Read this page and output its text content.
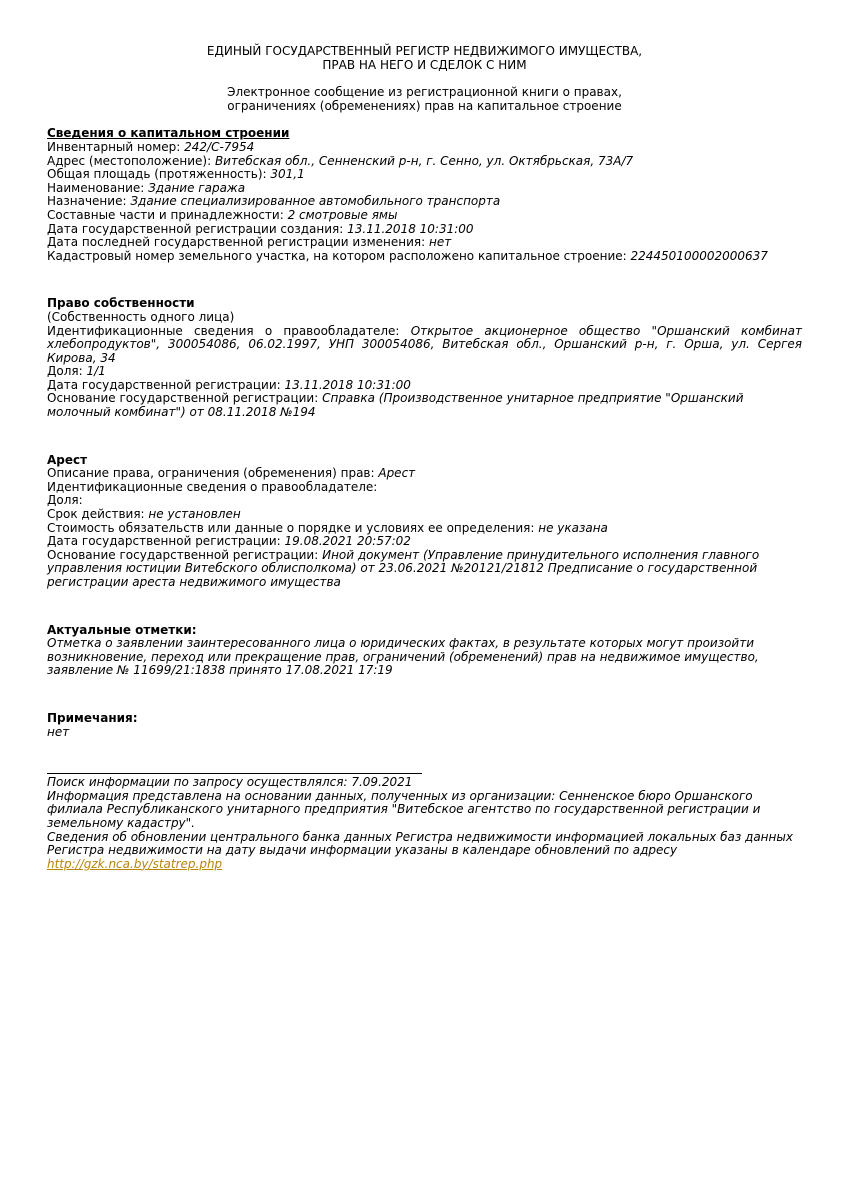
ЕДИНЫЙ ГОСУДАРСТВЕННЫЙ РЕГИСТР НЕДВИЖИМОГО ИМУЩЕСТВА,
ПРАВ НА НЕГО И СДЕЛОК С НИМ
Электронное сообщение из регистрационной книги о правах,
ограничениях (обременениях) прав на капитальное строение
Сведения о капитальном строении
Инвентарный номер: 242/С-7954
Адрес (местоположение): Витебская обл., Сенненский р-н, г. Сенно, ул. Октябрьская, 73А/7
Общая площадь (протяженность): 301,1
Наименование: Здание гаража
Назначение: Здание специализированное автомобильного транспорта
Составные части и принадлежности: 2 смотровые ямы
Дата государственной регистрации создания: 13.11.2018 10:31:00
Дата последней государственной регистрации изменения: нет
Кадастровый номер земельного участка, на котором расположено капитальное строение: 224450100002000637
Право собственности
(Собственность одного лица)
Идентификационные сведения о правообладателе: Открытое акционерное общество "Оршанский комбинат хлебопродуктов", 300054086, 06.02.1997, УНП 300054086, Витебская обл., Оршанский р-н, г. Орша, ул. Сергея Кирова, 34
Доля: 1/1
Дата государственной регистрации: 13.11.2018 10:31:00
Основание государственной регистрации: Справка (Производственное унитарное предприятие "Оршанский молочный комбинат") от 08.11.2018 №194
Арест
Описание права, ограничения (обременения) прав: Арест
Идентификационные сведения о правообладателе:
Доля:
Срок действия: не установлен
Стоимость обязательств или данные о порядке и условиях ее определения: не указана
Дата государственной регистрации: 19.08.2021 20:57:02
Основание государственной регистрации: Иной документ (Управление принудительного исполнения главного управления юстиции Витебского облисполкома) от 23.06.2021 №20121/21812 Предписание о государственной регистрации ареста недвижимого имущества
Актуальные отметки:
Отметка о заявлении заинтересованного лица о юридических фактах, в результате которых могут произойти возникновение, переход или прекращение прав, ограничений (обременений) прав на недвижимое имущество, заявление № 11699/21:1838 принято 17.08.2021 17:19
Примечания:
нет
Поиск информации по запросу осуществлялся: 7.09.2021
Информация представлена на основании данных, полученных из организации: Сенненское бюро Оршанского филиала Республиканского унитарного предприятия "Витебское агентство по государственной регистрации и земельному кадастру".
Сведения об обновлении центрального банка данных Регистра недвижимости информацией локальных баз данных Регистра недвижимости на дату выдачи информации указаны в календаре обновлений по адресу
http://gzk.nca.by/statrep.php
